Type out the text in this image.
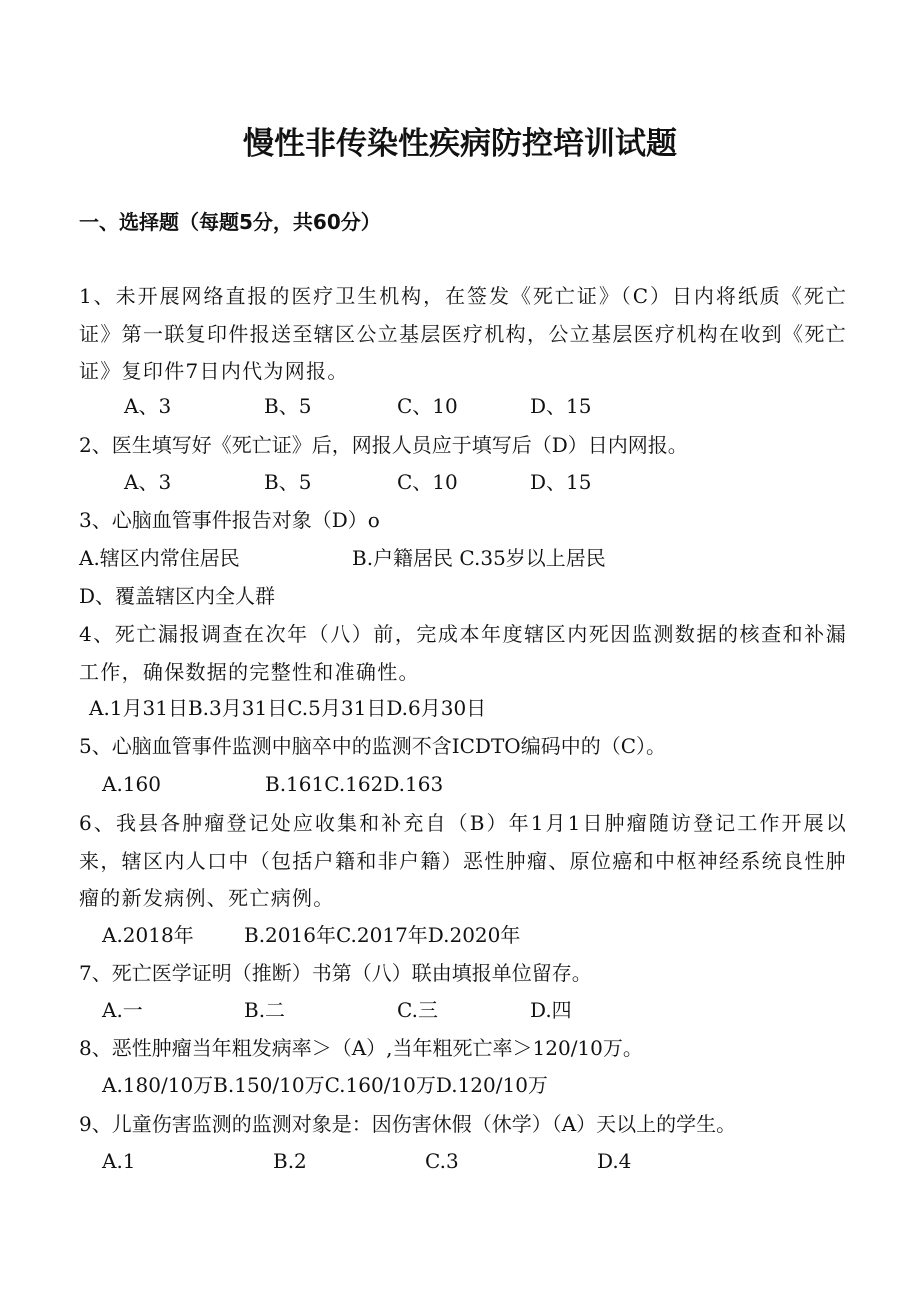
慢性非传染性疾病防控培训试题
一、选择题（每题5分，共60分）
1、未开展网络直报的医疗卫生机构，在签发《死亡证》（C）日内将纸质《死亡证》第一联复印件报送至辖区公立基层医疗机构，公立基层医疗机构在收到《死亡证》复印件7日内代为网报。
A、3	B、5	C、10	D、15
2、医生填写好《死亡证》后，网报人员应于填写后（D）日内网报。
A、3	B、5	C、10	D、15
3、心脑血管事件报告对象（D）o
A.辖区内常住居民	B.户籍居民 C.35岁以上居民
D、覆盖辖区内全人群
4、死亡漏报调查在次年（八）前，完成本年度辖区内死因监测数据的核查和补漏工作，确保数据的完整性和准确性。
A.1月31日B.3月31日C.5月31日D.6月30日
5、心脑血管事件监测中脑卒中的监测不含ICDTO编码中的（C）。
A.160	B.161C.162D.163
6、我县各肿瘤登记处应收集和补充自（B）年1月1日肿瘤随访登记工作开展以来，辖区内人口中（包括户籍和非户籍）恶性肿瘤、原位癌和中枢神经系统良性肿瘤的新发病例、死亡病例。
A.2018年	B.2016年C.2017年D.2020年
7、死亡医学证明（推断）书第（八）联由填报单位留存。
A.一	B.二	C.三	D.四
8、恶性肿瘤当年粗发病率＞（A）,当年粗死亡率＞120/10万。
A.180/10万B.150/10万C.160/10万D.120/10万
9、儿童伤害监测的监测对象是：因伤害休假（休学）（A）天以上的学生。
A.1	B.2	C.3	D.4
